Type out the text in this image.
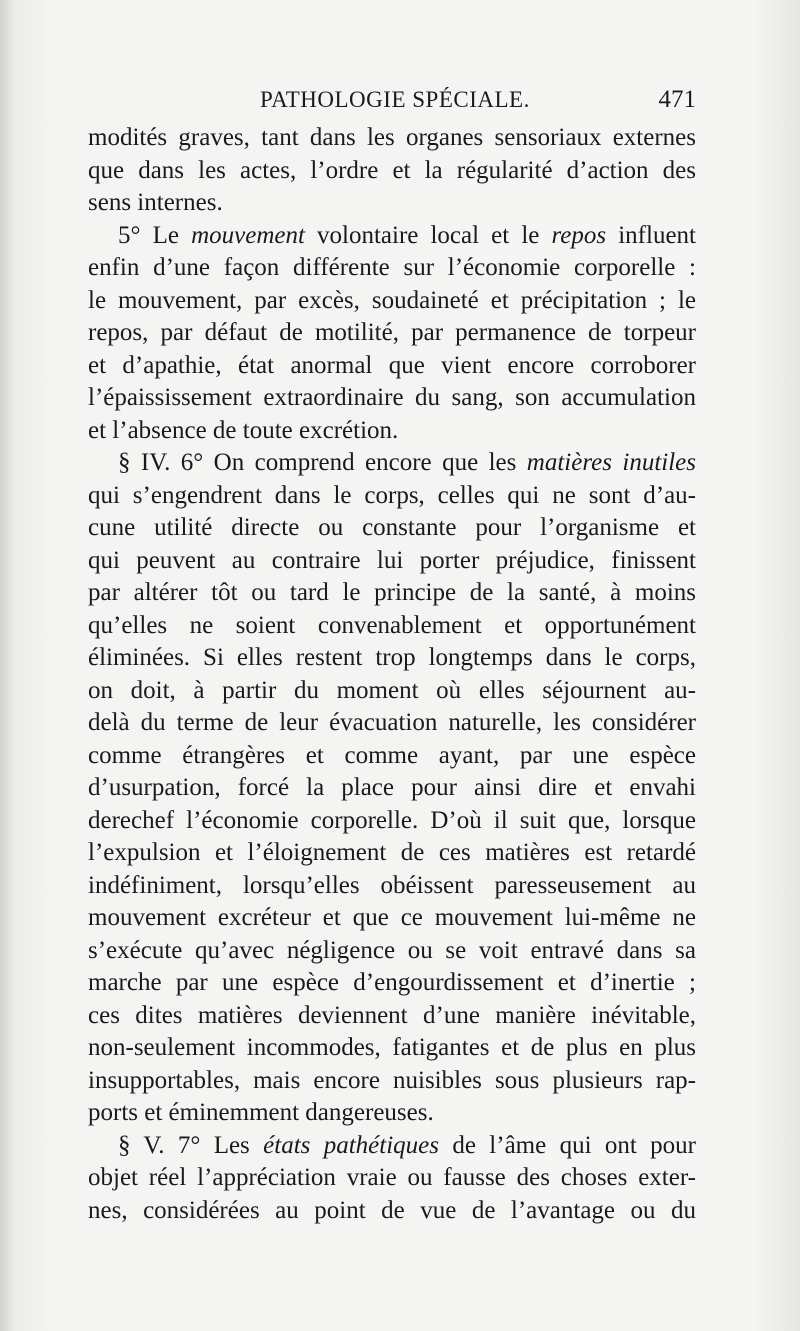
PATHOLOGIE SPÉCIALE.	471
modités graves, tant dans les organes sensoriaux externes
que dans les actes, l’ordre et la régularité d’action des
sens internes.
5° Le mouvement volontaire local et le repos influent
enfin d’une façon différente sur l’économie corporelle :
le mouvement, par excès, soudaineté et précipitation ; le
repos, par défaut de motilité, par permanence de torpeur
et d’apathie, état anormal que vient encore corroborer
l’épaississement extraordinaire du sang, son accumulation
et l’absence de toute excrétion.
§ IV. 6° On comprend encore que les matières inutiles
qui s’engendrent dans le corps, celles qui ne sont d’au-
cune utilité directe ou constante pour l’organisme et
qui peuvent au contraire lui porter préjudice, finissent
par altérer tôt ou tard le principe de la santé, à moins
qu’elles ne soient convenablement et opportunément
éliminées. Si elles restent trop longtemps dans le corps,
on doit, à partir du moment où elles séjournent au-
delà du terme de leur évacuation naturelle, les considérer
comme étrangères et comme ayant, par une espèce
d’usurpation, forcé la place pour ainsi dire et envahi
derechef l’économie corporelle. D’où il suit que, lorsque
l’expulsion et l’éloignement de ces matières est retardé
indéfiniment, lorsqu’elles obéissent paresseusement au
mouvement excréteur et que ce mouvement lui-même ne
s’exécute qu’avec négligence ou se voit entravé dans sa
marche par une espèce d’engourdissement et d’inertie ;
ces dites matières deviennent d’une manière inévitable,
non-seulement incommodes, fatigantes et de plus en plus
insupportables, mais encore nuisibles sous plusieurs rap-
ports et éminemment dangereuses.
§ V. 7° Les états pathétiques de l’âme qui ont pour
objet réel l’appréciation vraie ou fausse des choses exter-
nes, considérées au point de vue de l’avantage ou du
